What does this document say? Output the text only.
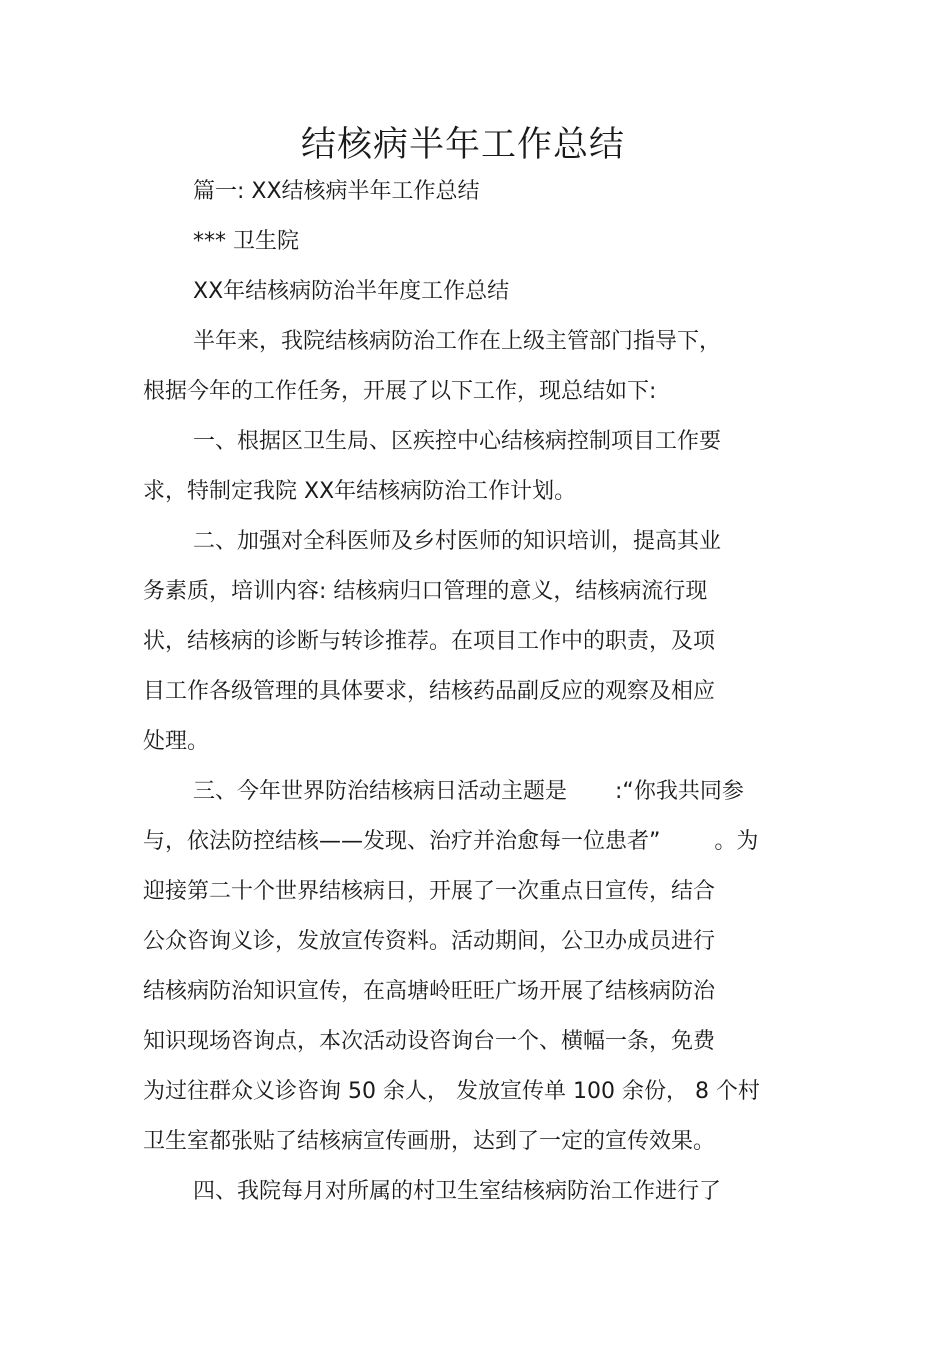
结核病半年工作总结
篇一: XX结核病半年工作总结
*** 卫生院
XX年结核病防治半年度工作总结
半年来，我院结核病防治工作在上级主管部门指导下，
根据今年的工作任务，开展了以下工作，现总结如下:
一、根据区卫生局、区疾控中心结核病控制项目工作要
求，特制定我院 XX年结核病防治工作计划。
二、加强对全科医师及乡村医师的知识培训，提高其业
务素质，培训内容: 结核病归口管理的意义，结核病流行现
状，结核病的诊断与转诊推荐。在项目工作中的职责，及项
目工作各级管理的具体要求，结核药品副反应的观察及相应
处理。
三、今年世界防治结核病日活动主题是 :“你我共同参
与，依法防控结核——发现、治疗并治愈每一位患者” 。为
迎接第二十个世界结核病日，开展了一次重点日宣传，结合
公众咨询义诊，发放宣传资料。活动期间，公卫办成员进行
结核病防治知识宣传，在高塘岭旺旺广场开展了结核病防治
知识现场咨询点，本次活动设咨询台一个、横幅一条，免费
为过往群众义诊咨询 50 余人， 发放宣传单 100 余份， 8 个村
卫生室都张贴了结核病宣传画册，达到了一定的宣传效果。
四、我院每月对所属的村卫生室结核病防治工作进行了
